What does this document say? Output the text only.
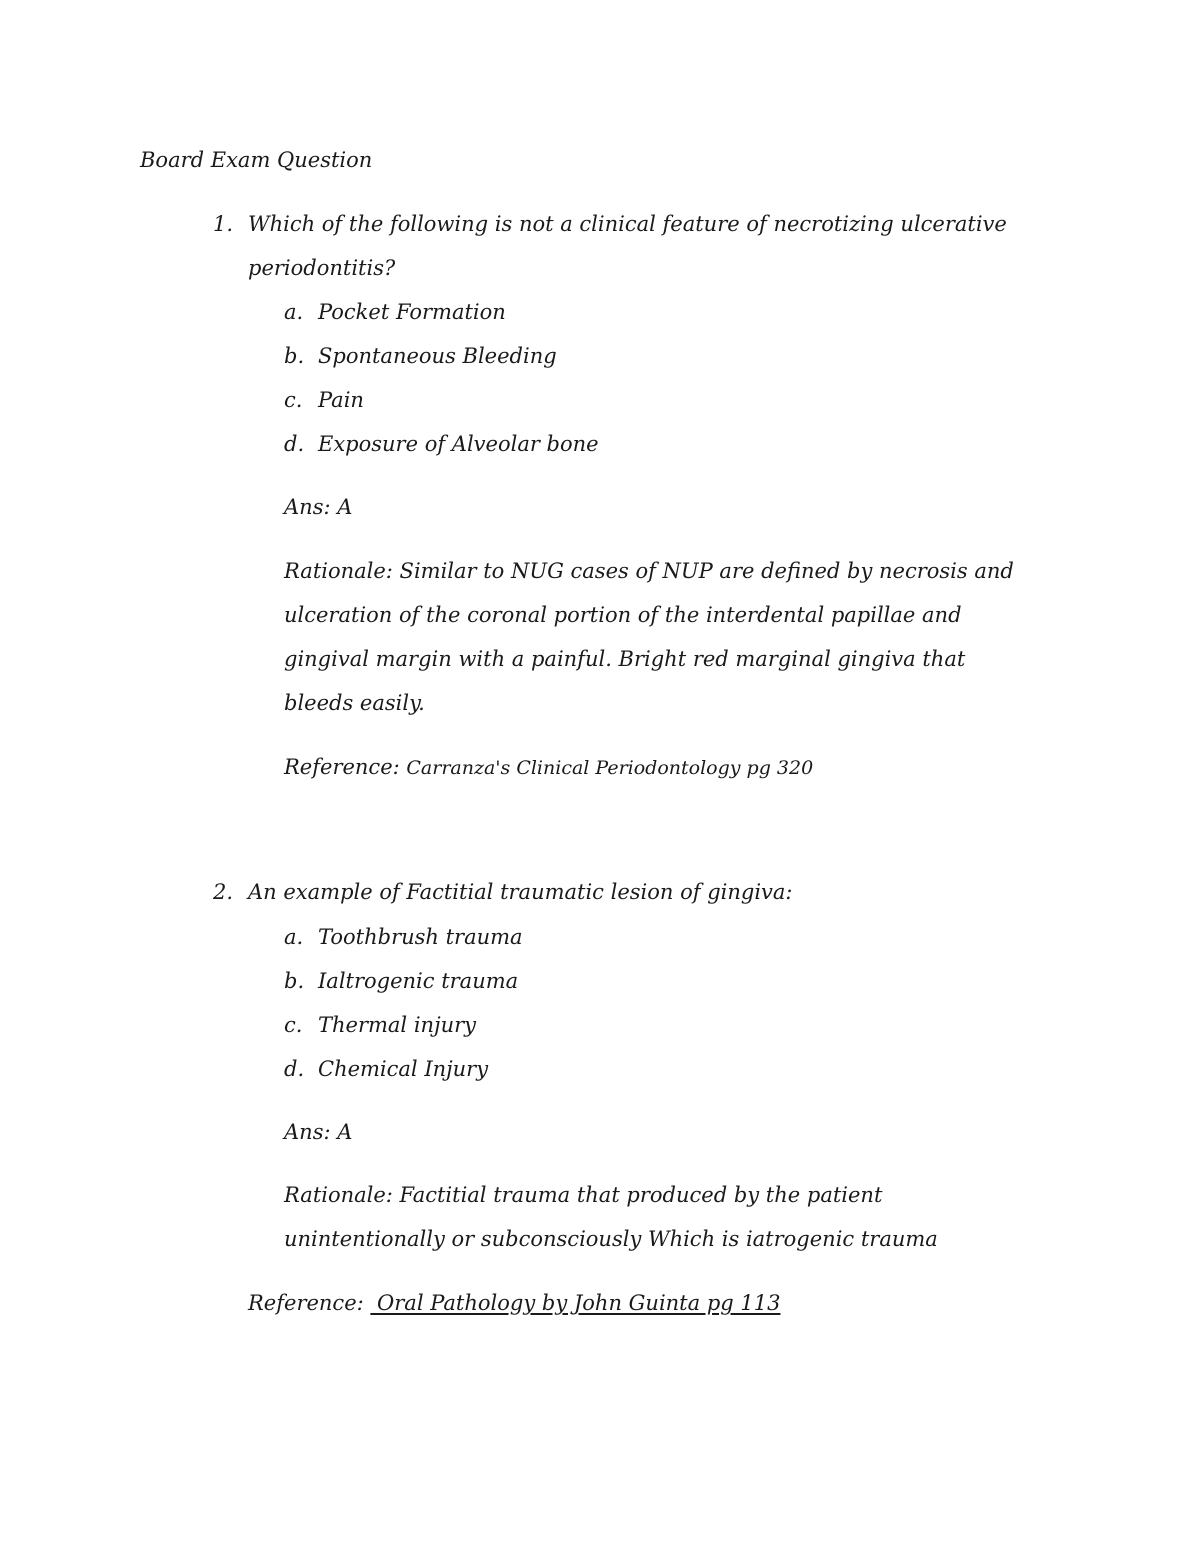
Board Exam Question
1. Which of the following is not a clinical feature of necrotizing ulcerative
periodontitis?
a. Pocket Formation
b. Spontaneous Bleeding
c. Pain
d. Exposure of Alveolar bone
Ans: A
Rationale: Similar to NUG cases of NUP are defined by necrosis and
ulceration of the coronal portion of the interdental papillae and
gingival margin with a painful. Bright red marginal gingiva that
bleeds easily.
Reference: Carranza's Clinical Periodontology pg 320
2. An example of Factitial traumatic lesion of gingiva:
a. Toothbrush trauma
b. Ialtrogenic trauma
c. Thermal injury
d. Chemical Injury
Ans: A
Rationale: Factitial trauma that produced by the patient
unintentionally or subconsciously Which is iatrogenic trauma
Reference:  Oral Pathology by John Guinta pg 113
